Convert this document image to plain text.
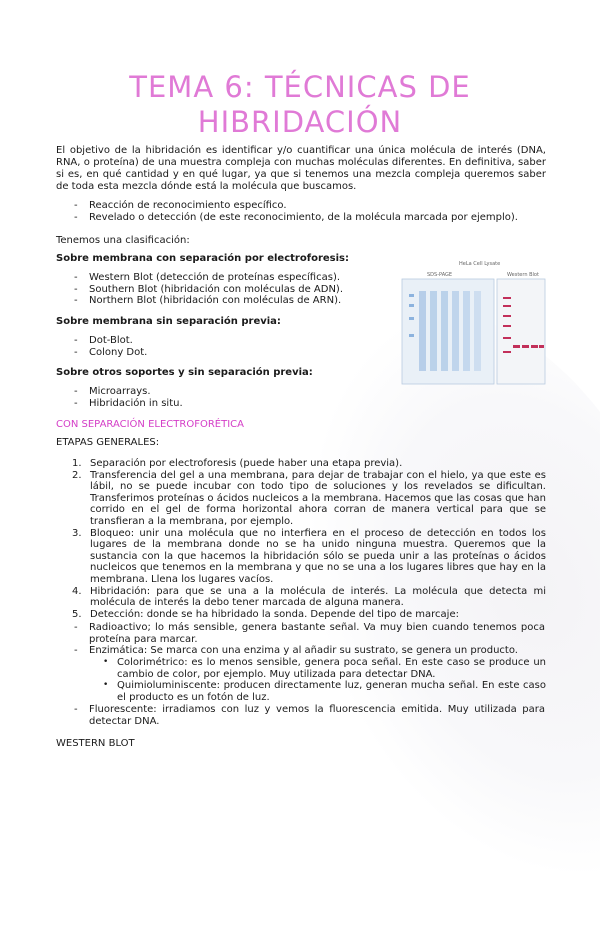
TEMA 6: TÉCNICAS DE
HIBRIDACIÓN
El objetivo de la hibridación es identificar y/o cuantificar una única molécula de interés (DNA, RNA, o proteína) de una muestra compleja con muchas moléculas diferentes. En definitiva, saber si es, en qué cantidad y en qué lugar, ya que si tenemos una mezcla compleja queremos saber de toda esta mezcla dónde está la molécula que buscamos.
- Reacción de reconocimiento específico.
- Revelado o detección (de este reconocimiento, de la molécula marcada por ejemplo).
Tenemos una clasificación:
Sobre membrana con separación por electroforesis:
- Western Blot (detección de proteínas específicas).
- Southern Blot (hibridación con moléculas de ADN).
- Northern Blot (hibridación con moléculas de ARN).
Sobre membrana sin separación previa:
- Dot-Blot.
- Colony Dot.
Sobre otros soportes y sin separación previa:
- Microarrays.
- Hibridación in situ.
HeLa Cell Lysate
SDS-PAGE	Western Blot
CON SEPARACIÓN ELECTROFORÉTICA
ETAPAS GENERALES:
1. Separación por electroforesis (puede haber una etapa previa).
2. Transferencia del gel a una membrana, para dejar de trabajar con el hielo, ya que este es lábil, no se puede incubar con todo tipo de soluciones y los revelados se dificultan. Transferimos proteínas o ácidos nucleicos a la membrana. Hacemos que las cosas que han corrido en el gel de forma horizontal ahora corran de manera vertical para que se transfieran a la membrana, por ejemplo.
3. Bloqueo: unir una molécula que no interfiera en el proceso de detección en todos los lugares de la membrana donde no se ha unido ninguna muestra. Queremos que la sustancia con la que hacemos la hibridación sólo se pueda unir a las proteínas o ácidos nucleicos que tenemos en la membrana y que no se una a los lugares libres que hay en la membrana. Llena los lugares vacíos.
4. Hibridación: para que se una a la molécula de interés. La molécula que detecta mi molécula de interés la debo tener marcada de alguna manera.
5. Detección: donde se ha hibridado la sonda. Depende del tipo de marcaje:
- Radioactivo; lo más sensible, genera bastante señal. Va muy bien cuando tenemos poca proteína para marcar.
- Enzimática: Se marca con una enzima y al añadir su sustrato, se genera un producto.
• Colorimétrico: es lo menos sensible, genera poca señal. En este caso se produce un cambio de color, por ejemplo. Muy utilizada para detectar DNA.
• Quimioluminiscente: producen directamente luz, generan mucha señal. En este caso el producto es un fotón de luz.
- Fluorescente: irradiamos con luz y vemos la fluorescencia emitida. Muy utilizada para detectar DNA.
WESTERN BLOT
